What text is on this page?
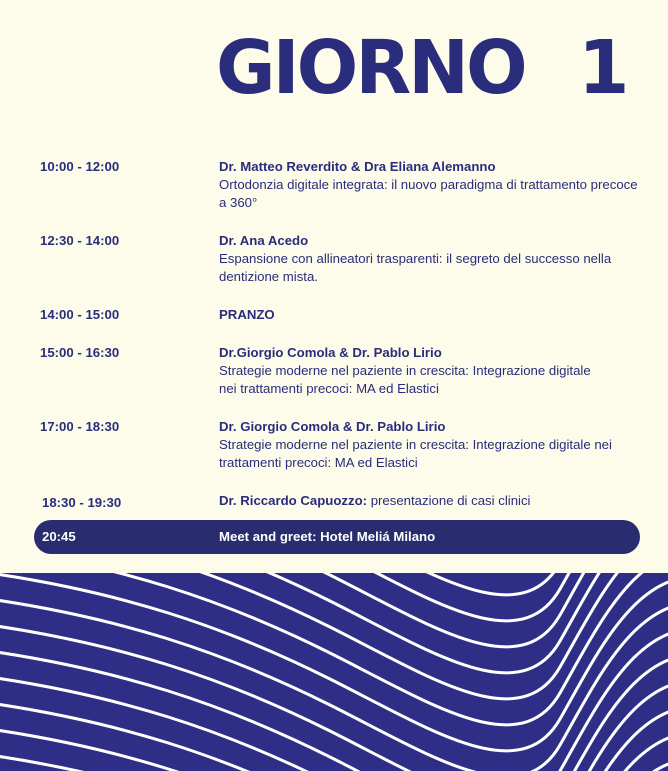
GIORNO 1
10:00 - 12:00	Dr. Matteo Reverdito & Dra Eliana Alemanno
Ortodonzia digitale integrata: il nuovo paradigma di trattamento precoce a 360°
12:30 - 14:00	Dr. Ana Acedo
Espansione con allineatori trasparenti: il segreto del successo nella dentizione mista.
14:00 - 15:00	PRANZO
15:00 - 16:30	Dr.Giorgio Comola & Dr. Pablo Lirio
Strategie moderne nel paziente in crescita: Integrazione digitale nei trattamenti precoci: MA ed Elastici
17:00 - 18:30	Dr. Giorgio Comola & Dr. Pablo Lirio
Strategie moderne nel paziente in crescita: Integrazione digitale nei trattamenti precoci: MA ed Elastici
18:30 - 19:30	Dr. Riccardo Capuozzo: presentazione di casi clinici
20:45	Meet and greet: Hotel Meliá Milano
